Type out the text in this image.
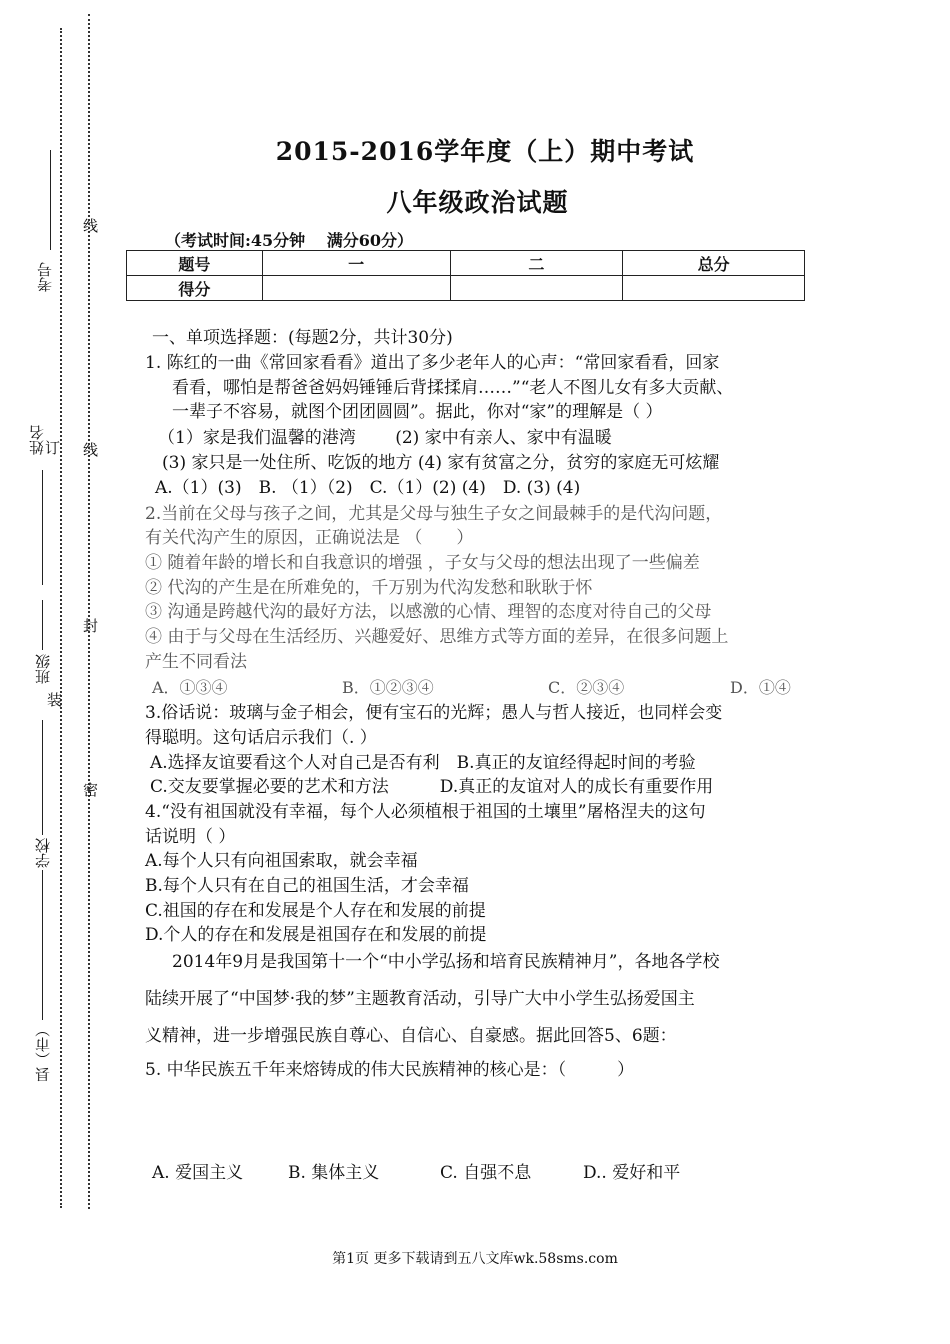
线
订 线
封
装
密
考号
姓名
班级
学校
县（市）
2015-2016学年度（上）期中考试
八年级政治试题
（考试时间:45分钟　 满分60分）
题号	一	二	总分
得分			
一、单项选择题：(每题2分，共计30分)
1. 陈红的一曲《常回家看看》道出了多少老年人的心声：“常回家看看，回家
看看，哪怕是帮爸爸妈妈锤锤后背揉揉肩……”“老人不图儿女有多大贡献、
一辈子不容易，就图个团团圆圆”。据此，你对“家”的理解是（ ）
（1）家是我们温馨的港湾　　 (2) 家中有亲人、家中有温暖
(3) 家只是一处住所、吃饭的地方 (4) 家有贫富之分，贫穷的家庭无可炫耀
A.（1）(3)　B. （1）（2)　C.（1）(2) (4)　D. (3) (4)
2.当前在父母与孩子之间，尤其是父母与独生子女之间最棘手的是代沟问题，
有关代沟产生的原因，正确说法是 （　　）
① 随着年龄的增长和自我意识的增强 ，子女与父母的想法出现了一些偏差
② 代沟的产生是在所难免的，千万别为代沟发愁和耿耿于怀
③ 沟通是跨越代沟的最好方法，以感激的心情、理智的态度对待自己的父母
④ 由于与父母在生活经历、兴趣爱好、思维方式等方面的差异，在很多问题上
产生不同看法
A．①③④	B．①②③④	C．②③④	D．①④
3.俗话说：玻璃与金子相会，便有宝石的光辉；愚人与哲人接近，也同样会变
得聪明。这句话启示我们（. ）
A.选择友谊要看这个人对自己是否有利　B.真正的友谊经得起时间的考验
C.交友要掌握必要的艺术和方法　　　D.真正的友谊对人的成长有重要作用
4.“没有祖国就没有幸福，每个人必须植根于祖国的土壤里”屠格涅夫的这句
话说明（ ）
A.每个人只有向祖国索取，就会幸福
B.每个人只有在自己的祖国生活，才会幸福
C.祖国的存在和发展是个人存在和发展的前提
D.个人的存在和发展是祖国存在和发展的前提
2014年9月是我国第十一个“中小学弘扬和培育民族精神月”，各地各学校
陆续开展了“中国梦·我的梦”主题教育活动，引导广大中小学生弘扬爱国主
义精神，进一步增强民族自尊心、自信心、自豪感。据此回答5、6题：
5. 中华民族五千年来熔铸成的伟大民族精神的核心是：（　　　）
A. 爱国主义	B. 集体主义	C. 自强不息	D.. 爱好和平
第1页 更多下载请到五八文库wk.58sms.com
